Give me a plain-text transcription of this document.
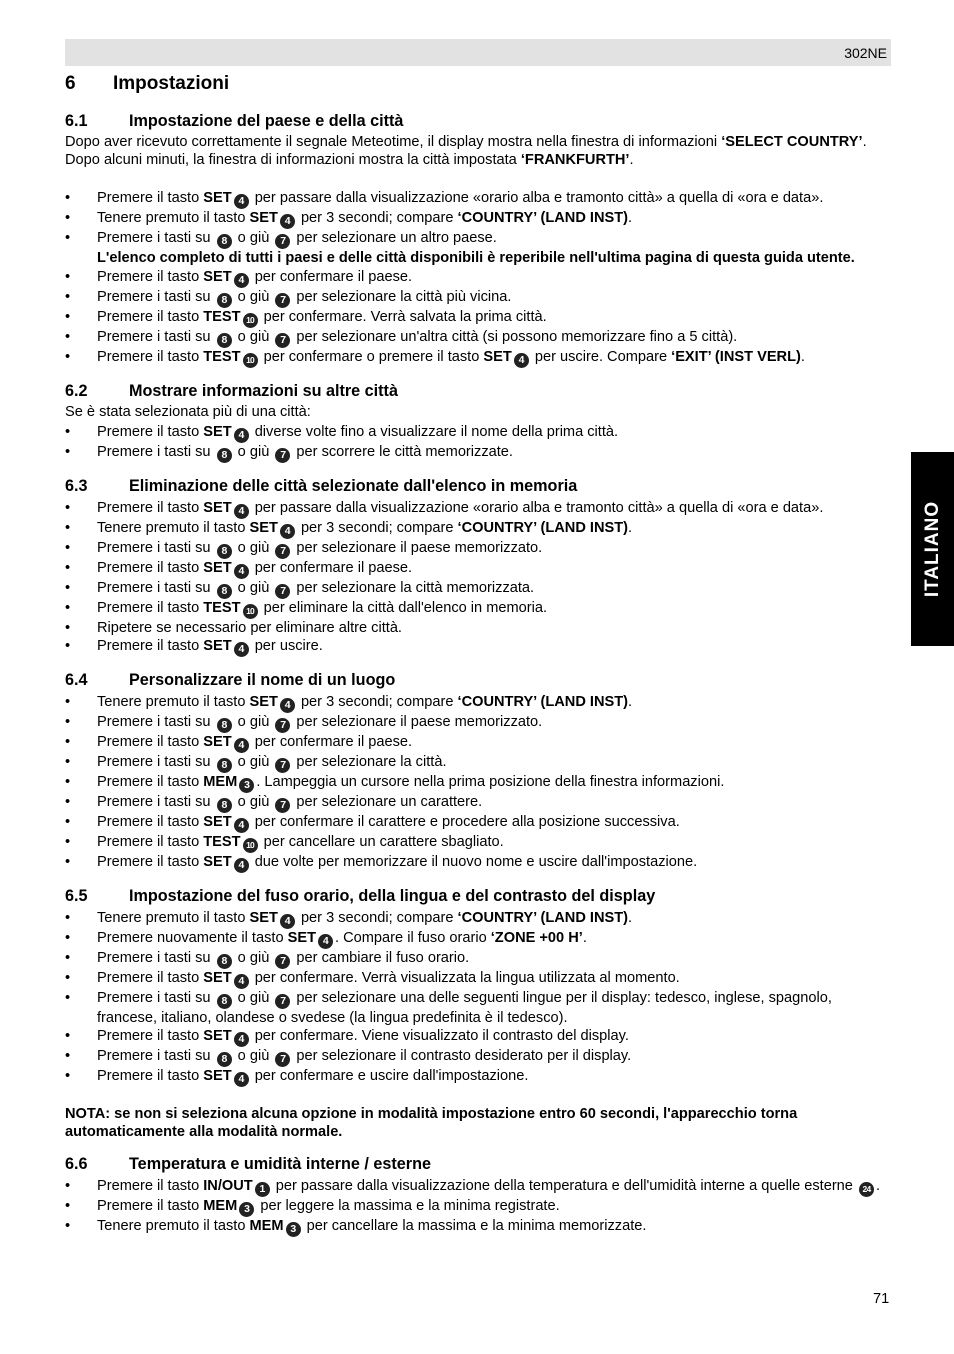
302NE
ITALIANO
6	Impostazioni
6.1	Impostazione del paese e della città

Dopo aver ricevuto correttamente il segnale Meteotime, il display mostra nella finestra di informazioni ‘SELECT COUNTRY’. Dopo alcuni minuti, la finestra di informazioni mostra la città impostata ‘FRANKFURTH’.

• Premere il tasto SET 4 per passare dalla visualizzazione «orario alba e tramonto città» a quella di «ora e data».
• Tenere premuto il tasto SET 4 per 3 secondi; compare ‘COUNTRY’ (LAND INST).
• Premere i tasti su 8 o giù 7 per selezionare un altro paese.
L'elenco completo di tutti i paesi e delle città disponibili è reperibile nell'ultima pagina di questa guida utente.
• Premere il tasto SET 4 per confermare il paese.
• Premere i tasti su 8 o giù 7 per selezionare la città più vicina.
• Premere il tasto TEST 10 per confermare. Verrà salvata la prima città.
• Premere i tasti su 8 o giù 7 per selezionare un'altra città (si possono memorizzare fino a 5 città).
• Premere il tasto TEST 10 per confermare o premere il tasto SET 4 per uscire. Compare ‘EXIT’ (INST VERL).
6.2	Mostrare informazioni su altre città

Se è stata selezionata più di una città:

• Premere il tasto SET 4 diverse volte fino a visualizzare il nome della prima città.
• Premere i tasti su 8 o giù 7 per scorrere le città memorizzate.
6.3	Eliminazione delle città selezionate dall'elenco in memoria
• Premere il tasto SET 4 per passare dalla visualizzazione «orario alba e tramonto città» a quella di «ora e data».
• Tenere premuto il tasto SET 4 per 3 secondi; compare ‘COUNTRY’ (LAND INST).
• Premere i tasti su 8 o giù 7 per selezionare il paese memorizzato.
• Premere il tasto SET 4 per confermare il paese.
• Premere i tasti su 8 o giù 7 per selezionare la città memorizzata.
• Premere il tasto TEST 10 per eliminare la città dall'elenco in memoria.
• Ripetere se necessario per eliminare altre città.
• Premere il tasto SET 4 per uscire.
6.4	Personalizzare il nome di un luogo
• Tenere premuto il tasto SET 4 per 3 secondi; compare ‘COUNTRY’ (LAND INST).
• Premere i tasti su 8 o giù 7 per selezionare il paese memorizzato.
• Premere il tasto SET 4 per confermare il paese.
• Premere i tasti su 8 o giù 7 per selezionare la città.
• Premere il tasto MEM 3 . Lampeggia un cursore nella prima posizione della finestra informazioni.
• Premere i tasti su 8 o giù 7 per selezionare un carattere.
• Premere il tasto SET 4 per confermare il carattere e procedere alla posizione successiva.
• Premere il tasto TEST 10 per cancellare un carattere sbagliato.
• Premere il tasto SET 4 due volte per memorizzare il nuovo nome e uscire dall'impostazione.
6.5	Impostazione del fuso orario, della lingua e del contrasto del display
• Tenere premuto il tasto SET 4 per 3 secondi; compare ‘COUNTRY’ (LAND INST).
• Premere nuovamente il tasto SET 4 . Compare il fuso orario ‘ZONE +00 H’.
• Premere i tasti su 8 o giù 7 per cambiare il fuso orario.
• Premere il tasto SET 4 per confermare. Verrà visualizzata la lingua utilizzata al momento.
• Premere i tasti su 8 o giù 7 per selezionare una delle seguenti lingue per il display: tedesco, inglese, spagnolo, francese, italiano, olandese o svedese (la lingua predefinita è il tedesco).
• Premere il tasto SET 4 per confermare. Viene visualizzato il contrasto del display.
• Premere i tasti su 8 o giù 7 per selezionare il contrasto desiderato per il display.
• Premere il tasto SET 4 per confermare e uscire dall'impostazione.

NOTA: se non si seleziona alcuna opzione in modalità impostazione entro 60 secondi, l'apparecchio torna automaticamente alla modalità normale.

6.6	Temperatura e umidità interne / esterne
• Premere il tasto IN/OUT 1 per passare dalla visualizzazione della temperatura e dell'umidità interne a quelle esterne 24 .
• Premere il tasto MEM 3 per leggere la massima e la minima registrate.
• Tenere premuto il tasto MEM 3 per cancellare la massima e la minima memorizzate.
71
